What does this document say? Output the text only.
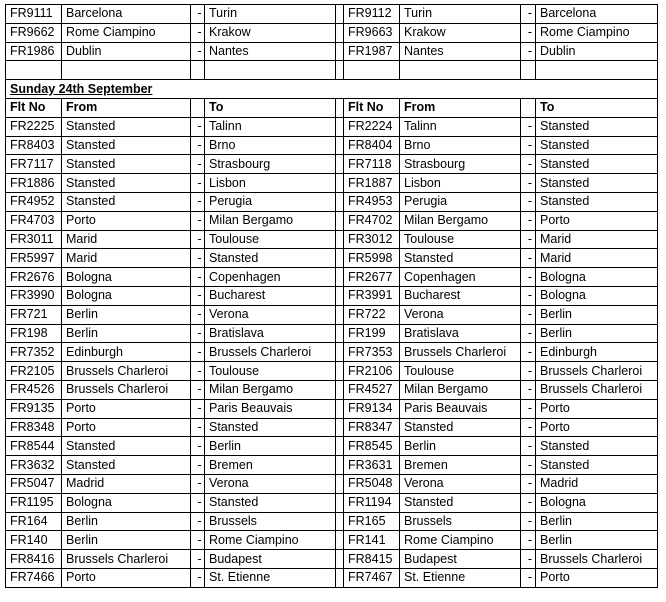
FR9111	Barcelona	-	Turin		FR9112	Turin	-	Barcelona
FR9662	Rome Ciampino	-	Krakow		FR9663	Krakow	-	Rome Ciampino
FR1986	Dublin	-	Nantes		FR1987	Nantes	-	Dublin

Sunday 24th September								
Flt No	From		To		Flt No	From		To
FR2225	Stansted	-	Talinn		FR2224	Talinn	-	Stansted
FR8403	Stansted	-	Brno		FR8404	Brno	-	Stansted
FR7117	Stansted	-	Strasbourg		FR7118	Strasbourg	-	Stansted
FR1886	Stansted	-	Lisbon		FR1887	Lisbon	-	Stansted
FR4952	Stansted	-	Perugia		FR4953	Perugia	-	Stansted
FR4703	Porto	-	Milan Bergamo		FR4702	Milan Bergamo	-	Porto
FR3011	Marid	-	Toulouse		FR3012	Toulouse	-	Marid
FR5997	Marid	-	Stansted		FR5998	Stansted	-	Marid
FR2676	Bologna	-	Copenhagen		FR2677	Copenhagen	-	Bologna
FR3990	Bologna	-	Bucharest		FR3991	Bucharest	-	Bologna
FR721	Berlin	-	Verona		FR722	Verona	-	Berlin
FR198	Berlin	-	Bratislava		FR199	Bratislava	-	Berlin
FR7352	Edinburgh	-	Brussels Charleroi		FR7353	Brussels Charleroi	-	Edinburgh
FR2105	Brussels Charleroi	-	Toulouse		FR2106	Toulouse	-	Brussels Charleroi
FR4526	Brussels Charleroi	-	Milan Bergamo		FR4527	Milan Bergamo	-	Brussels Charleroi
FR9135	Porto	-	Paris Beauvais		FR9134	Paris Beauvais	-	Porto
FR8348	Porto	-	Stansted		FR8347	Stansted	-	Porto
FR8544	Stansted	-	Berlin		FR8545	Berlin	-	Stansted
FR3632	Stansted	-	Bremen		FR3631	Bremen	-	Stansted
FR5047	Madrid	-	Verona		FR5048	Verona	-	Madrid
FR1195	Bologna	-	Stansted		FR1194	Stansted	-	Bologna
FR164	Berlin	-	Brussels		FR165	Brussels	-	Berlin
FR140	Berlin	-	Rome Ciampino		FR141	Rome Ciampino	-	Berlin
FR8416	Brussels Charleroi	-	Budapest		FR8415	Budapest	-	Brussels Charleroi
FR7466	Porto	-	St. Etienne		FR7467	St. Etienne	-	Porto
